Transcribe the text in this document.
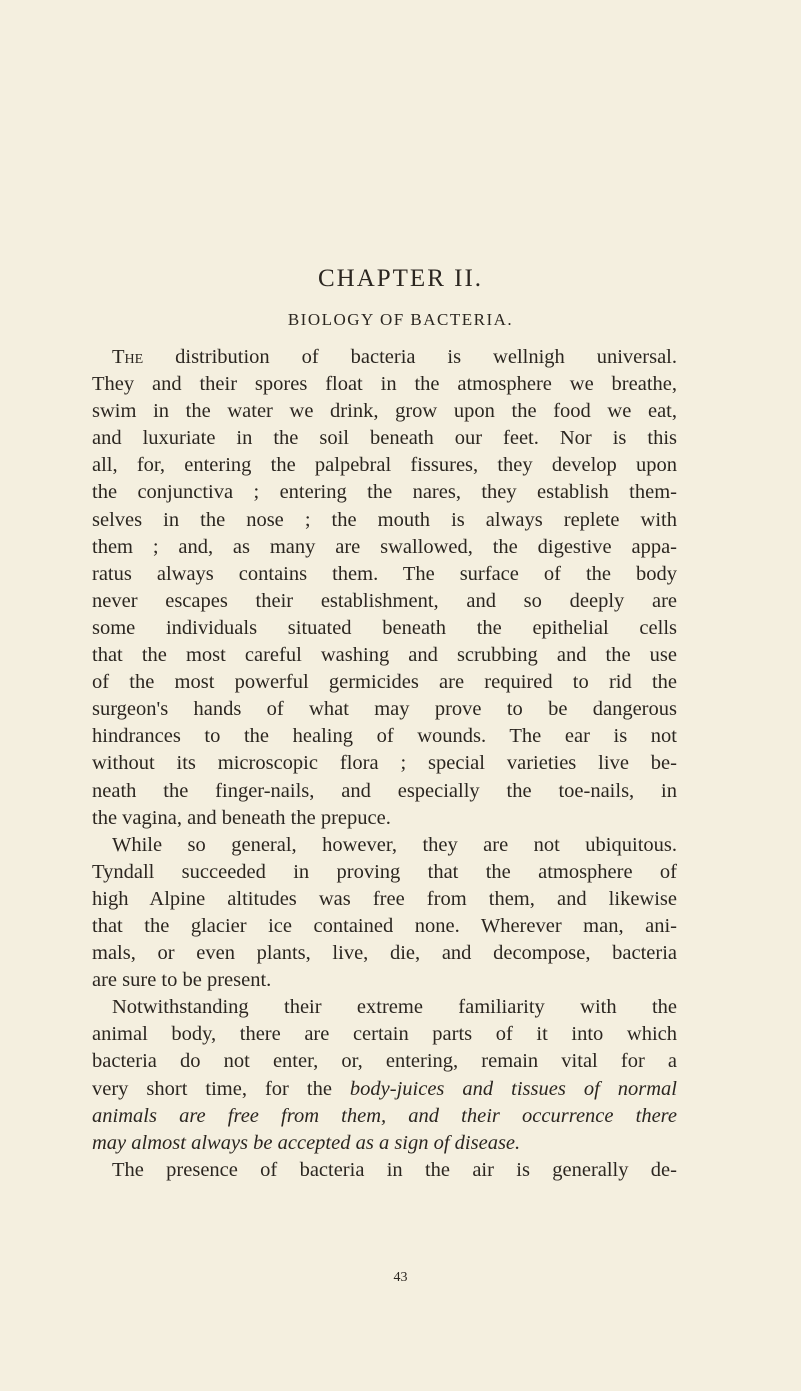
CHAPTER II.
BIOLOGY OF BACTERIA.
The distribution of bacteria is wellnigh universal.
They and their spores float in the atmosphere we breathe,
swim in the water we drink, grow upon the food we eat,
and luxuriate in the soil beneath our feet. Nor is this
all, for, entering the palpebral fissures, they develop upon
the conjunctiva ; entering the nares, they establish them-
selves in the nose ; the mouth is always replete with
them ; and, as many are swallowed, the digestive appa-
ratus always contains them. The surface of the body
never escapes their establishment, and so deeply are
some individuals situated beneath the epithelial cells
that the most careful washing and scrubbing and the use
of the most powerful germicides are required to rid the
surgeon's hands of what may prove to be dangerous
hindrances to the healing of wounds. The ear is not
without its microscopic flora ; special varieties live be-
neath the finger-nails, and especially the toe-nails, in
the vagina, and beneath the prepuce.
While so general, however, they are not ubiquitous.
Tyndall succeeded in proving that the atmosphere of
high Alpine altitudes was free from them, and likewise
that the glacier ice contained none. Wherever man, ani-
mals, or even plants, live, die, and decompose, bacteria
are sure to be present.
Notwithstanding their extreme familiarity with the
animal body, there are certain parts of it into which
bacteria do not enter, or, entering, remain vital for a
very short time, for the body-juices and tissues of normal
animals are free from them, and their occurrence there
may almost always be accepted as a sign of disease.
The presence of bacteria in the air is generally de-
43
